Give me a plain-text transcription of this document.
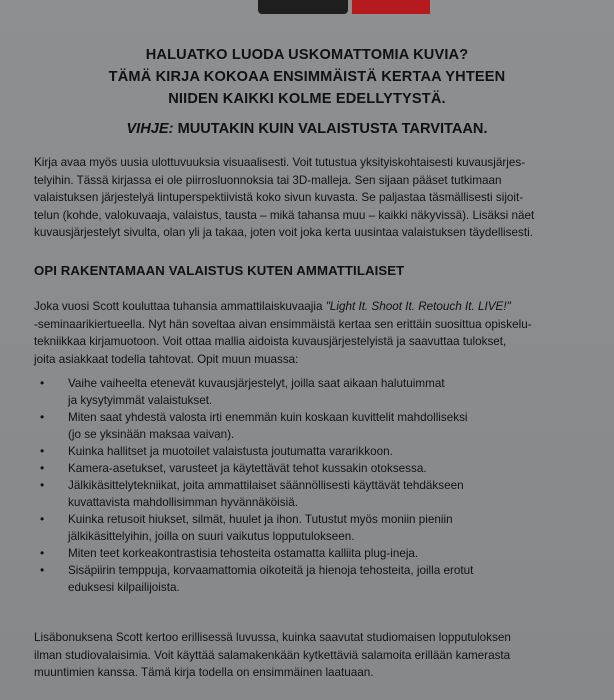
HALUATKO LUODA USKOMATTOMIA KUVIA?
TÄMÄ KIRJA KOKOAA ENSIMMÄISTÄ KERTAA YHTEEN
NIIDEN KAIKKI KOLME EDELLYTYSTÄ.
VIHJE: MUUTAKIN KUIN VALAISTUSTA TARVITAAN.
Kirja avaa myös uusia ulottuvuuksia visuaalisesti. Voit tutustua yksityiskohtaisesti kuvausjärjes-
telyihin. Tässä kirjassa ei ole piirrosluonnoksia tai 3D-malleja. Sen sijaan pääset tutkimaan
valaistuksen järjestelyä lintuperspektiivistä koko sivun kuvasta. Se paljastaa täsmällisesti sijoit-
telun (kohde, valokuvaaja, valaistus, tausta – mikä tahansa muu – kaikki näkyvissä). Lisäksi näet
kuvausjärjestelyt sivulta, olan yli ja takaa, joten voit joka kerta uusintaa valaistuksen täydellisesti.
OPI RAKENTAMAAN VALAISTUS KUTEN AMMATTILAISET
Joka vuosi Scott kouluttaa tuhansia ammattilaiskuvaajia "Light It. Shoot It. Retouch It. LIVE!"
-seminaarikiertueella. Nyt hän soveltaa aivan ensimmäistä kertaa sen erittäin suosittua opiskelu-
tekniikkaa kirjamuotoon. Voit ottaa mallia aidoista kuvausjärjestelyistä ja saavuttaa tulokset,
joita asiakkaat todella tahtovat. Opit muun muassa:
• Vaihe vaiheelta etenevät kuvausjärjestelyt, joilla saat aikaan halutuimmat
ja kysytyimmät valaistukset.
• Miten saat yhdestä valosta irti enemmän kuin koskaan kuvittelit mahdolliseksi
(jo se yksinään maksaa vaivan).
• Kuinka hallitset ja muotoilet valaistusta joutumatta vararikkoon.
• Kamera-asetukset, varusteet ja käytettävät tehot kussakin otoksessa.
• Jälkikäsittelytekniikat, joita ammattilaiset säännöllisesti käyttävät tehdäkseen
kuvattavista mahdollisimman hyvännäköisiä.
• Kuinka retusoit hiukset, silmät, huulet ja ihon. Tutustut myös moniin pieniin
jälkikäsittelyihin, joilla on suuri vaikutus lopputulokseen.
• Miten teet korkeakontrastisia tehosteita ostamatta kalliita plug-ineja.
• Sisäpiirin temppuja, korvaamattomia oikoteitä ja hienoja tehosteita, joilla erotut
eduksesi kilpailijoista.
Lisäbonuksena Scott kertoo erillisessä luvussa, kuinka saavutat studiomaisen lopputuloksen
ilman studiovalaisimia. Voit käyttää salamakenkään kytkettäviä salamoita erillään kamerasta
muuntimien kanssa. Tämä kirja todella on ensimmäinen laatuaan.
